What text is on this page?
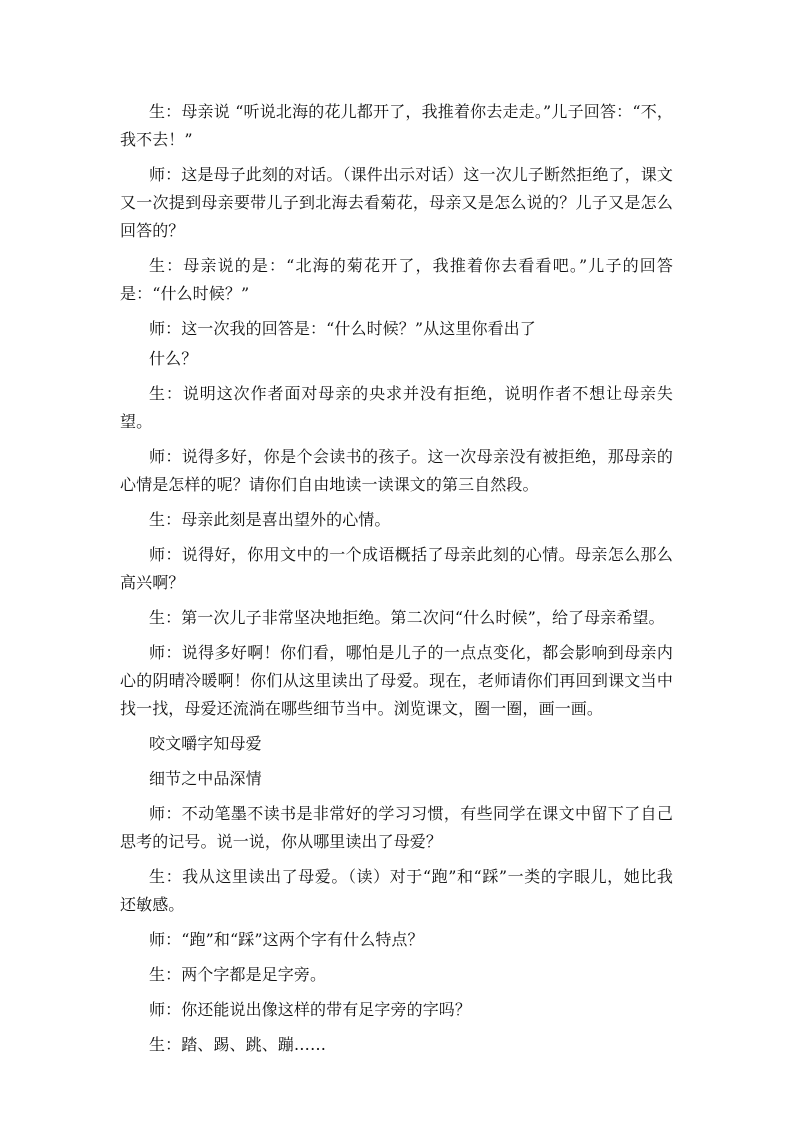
生：母亲说 “听说北海的花儿都开了，我推着你去走走。”儿子回答：“不，我不去！”

师：这是母子此刻的对话。（课件出示对话）这一次儿子断然拒绝了，课文又一次提到母亲要带儿子到北海去看菊花，母亲又是怎么说的？儿子又是怎么回答的？

生：母亲说的是：“北海的菊花开了，我推着你去看看吧。”儿子的回答是：“什么时候？”

师：这一次我的回答是：“什么时候？”从这里你看出了

什么？

生：说明这次作者面对母亲的央求并没有拒绝，说明作者不想让母亲失望。

师：说得多好，你是个会读书的孩子。这一次母亲没有被拒绝，那母亲的心情是怎样的呢？请你们自由地读一读课文的第三自然段。

生：母亲此刻是喜出望外的心情。

师：说得好，你用文中的一个成语概括了母亲此刻的心情。母亲怎么那么高兴啊？

生：第一次儿子非常坚决地拒绝。第二次问“什么时候”，给了母亲希望。

师：说得多好啊！你们看，哪怕是儿子的一点点变化，都会影响到母亲内心的阴晴冷暖啊！你们从这里读出了母爱。现在，老师请你们再回到课文当中找一找，母爱还流淌在哪些细节当中。浏览课文，圈一圈，画一画。

咬文嚼字知母爱

细节之中品深情

师：不动笔墨不读书是非常好的学习习惯，有些同学在课文中留下了自己思考的记号。说一说，你从哪里读出了母爱？

生：我从这里读出了母爱。（读）对于“跑”和“踩”一类的字眼儿，她比我还敏感。

师：“跑”和“踩”这两个字有什么特点？

生：两个字都是足字旁。

师：你还能说出像这样的带有足字旁的字吗？

生：踏、踢、跳、蹦……
